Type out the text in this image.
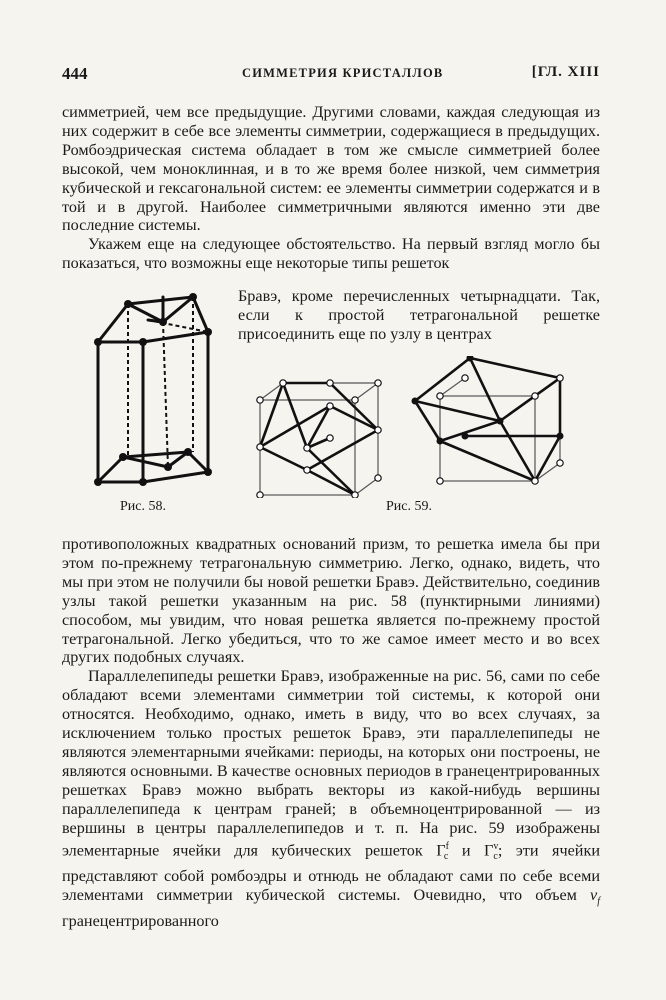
444	СИММЕТРИЯ КРИСТАЛЛОВ	[ГЛ. XIII

симметрией, чем все предыдущие. Другими словами, каждая следующая из них содержит в себе все элементы симметрии, содержащиеся в предыдущих. Ромбоэдрическая система обладает в том же смысле симметрией более высокой, чем моноклинная, и в то же время более низкой, чем симметрия кубической и гексагональной систем: ее элементы симметрии содержатся и в той и в другой. Наиболее симметричными являются именно эти две последние системы.

Укажем еще на следующее обстоятельство. На первый взгляд могло бы показаться, что возможны еще некоторые типы решеток

Бравэ, кроме перечисленных четырнадцати. Так, если к простой тетрагональной решетке присоединить еще по узлу в центрах
Рис. 58.	Рис. 59.

противоположных квадратных оснований призм, то решетка имела бы при этом по-прежнему тетрагональную симметрию. Легко, однако, видеть, что мы при этом не получили бы новой решетки Бравэ. Действительно, соединив узлы такой решетки указанным на рис. 58 (пунктирными линиями) способом, мы увидим, что новая решетка является по-прежнему простой тетрагональной. Легко убедиться, что то же самое имеет место и во всех других подобных случаях.

Параллелепипеды решетки Бравэ, изображенные на рис. 56, сами по себе обладают всеми элементами симметрии той системы, к которой они относятся. Необходимо, однако, иметь в виду, что во всех случаях, за исключением только простых решеток Бравэ, эти параллелепипеды не являются элементарными ячейками: периоды, на которых они построены, не являются основными. В качестве основных периодов в гранецентрированных решетках Бравэ можно выбрать векторы из какой-нибудь вершины параллелепипеда к центрам граней; в объемноцентрированной — из вершины в центры параллелепипедов и т. п. На рис. 59 изображены элементарные ячейки для кубических решеток $\Gamma^f_c$ и $\Gamma^v_c$; эти ячейки представляют собой ромбоэдры и отнюдь не обладают сами по себе всеми элементами симметрии кубической системы. Очевидно, что объем $v_f$ гранецентрированного
